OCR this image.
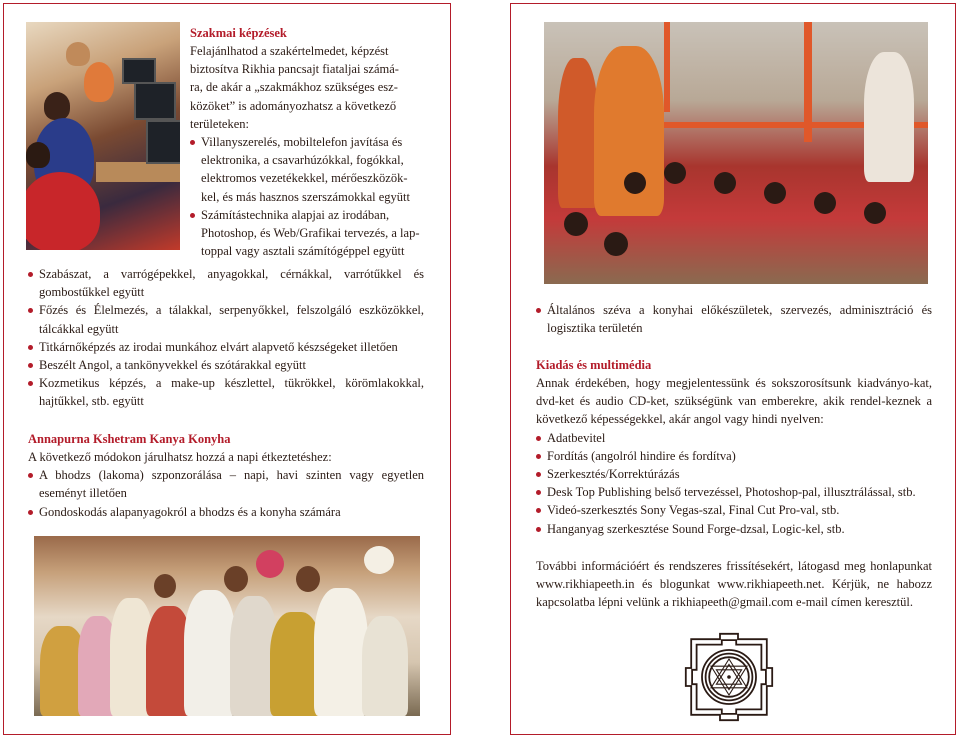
Szakmai képzések
Felajánlhatod a szakértelmedet, képzést
biztosítva Rikhia pancsajt fiataljai számá-
ra, de akár a „szakmákhoz szükséges esz-
közöket” is adományozhatsz a következő
területeken:
Villanyszerelés, mobiltelefon javítása és
elektronika, a csavarhúzókkal, fogókkal,
elektromos vezetékekkel, mérőeszközök-
kel, és más hasznos szerszámokkal együtt
Számítástechnika alapjai az irodában,
Photoshop, és Web/Grafikai tervezés, a lap-
toppal vagy asztali számítógéppel együtt
Szabászat, a varrógépekkel, anyagokkal, cérnákkal, varrótűkkel és gombostűkkel együtt
Főzés és Élelmezés, a tálakkal, serpenyőkkel, felszolgáló eszközökkel, tálcákkal együtt
Titkárnőképzés az irodai munkához elvárt alapvető készségeket illetően
Beszélt Angol, a tankönyvekkel és szótárakkal együtt
Kozmetikus képzés, a make-up készlettel, tükrökkel, körömlakokkal, hajtűkkel, stb. együtt
Annapurna Kshetram Kanya Konyha
A következő módokon járulhatsz hozzá a napi étkeztetéshez:
A bhodzs (lakoma) szponzorálása – napi, havi szinten vagy egyetlen eseményt illetően
Gondoskodás alapanyagokról a bhodzs és a konyha számára
Általános széva a konyhai előkészületek, szervezés, adminisztráció és logisztika területén
Kiadás és multimédia
Annak érdekében, hogy megjelentessünk és sokszorosítsunk kiadványo-kat, dvd-ket és audio CD-ket, szükségünk van emberekre, akik rendel-keznek a következő képességekkel, akár angol vagy hindi nyelven:
Adatbevitel
Fordítás (angolról hindire és fordítva)
Szerkesztés/Korrektúrázás
Desk Top Publishing belső tervezéssel, Photoshop-pal, illusztrálással, stb.
Videó-szerkesztés Sony Vegas-szal, Final Cut Pro-val, stb.
Hanganyag szerkesztése Sound Forge-dzsal, Logic-kel, stb.
További információért és rendszeres frissítésekért, látogasd meg honlapunkat www.rikhiapeeth.in és blogunkat www.rikhiapeeth.net. Kérjük, ne habozz kapcsolatba lépni velünk a rikhiapeeth@gmail.com e-mail címen keresztül.
